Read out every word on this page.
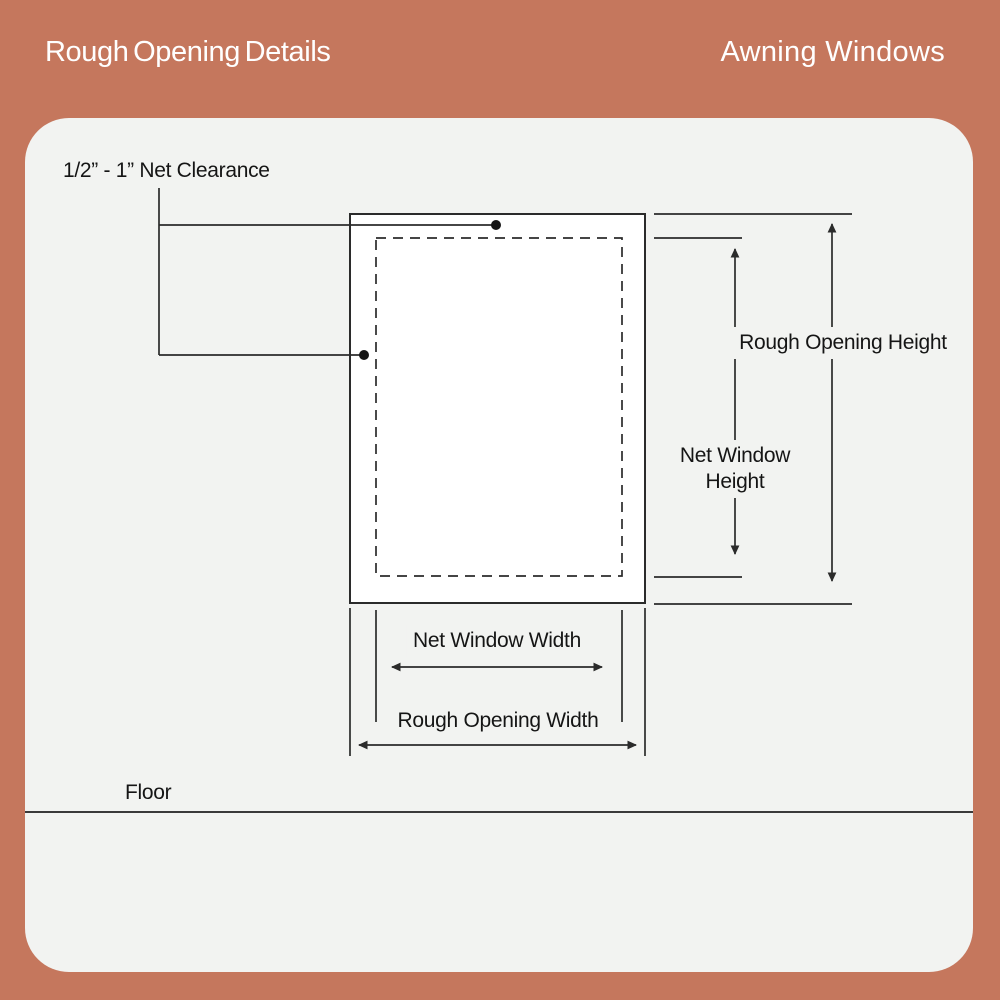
Rough Opening Details	Awning Windows
1/2” - 1” Net Clearance
Rough Opening Height
Net Window
Height
Net Window Width
Rough Opening Width
Floor
